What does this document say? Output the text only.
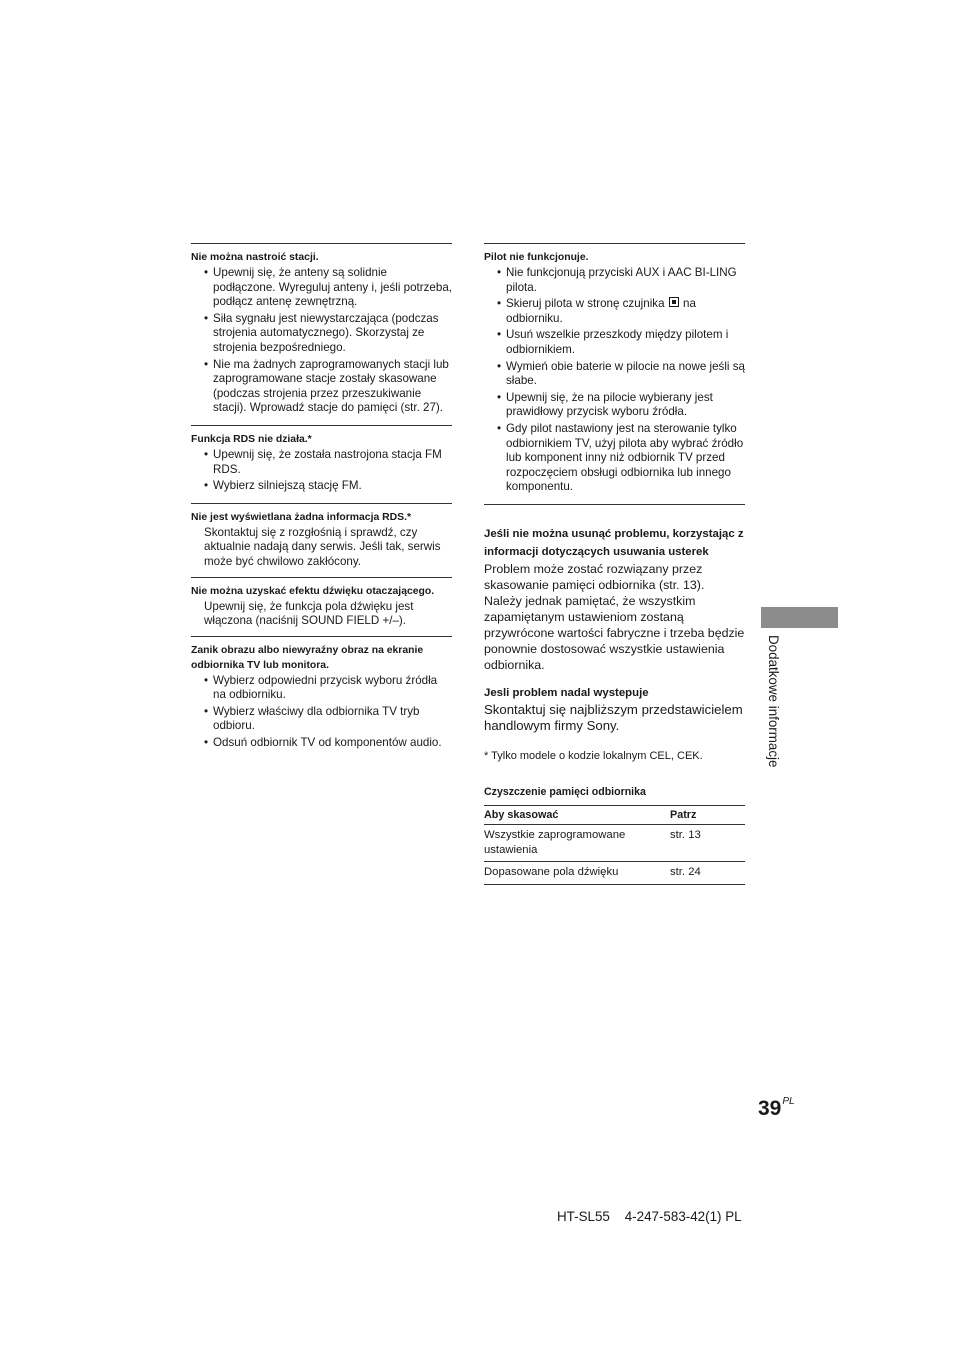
Nie można nastroić stacji.

• Upewnij się, że anteny są solidnie podłączone. Wyreguluj anteny i, jeśli potrzeba, podłącz antenę zewnętrzną.
• Siła sygnału jest niewystarczająca (podczas strojenia automatycznego). Skorzystaj ze strojenia bezpośredniego.
• Nie ma żadnych zaprogramowanych stacji lub zaprogramowane stacje zostały skasowane (podczas strojenia przez przeszukiwanie stacji). Wprowadź stacje do pamięci (str. 27).

Funkcja RDS nie działa.*

• Upewnij się, że została nastrojona stacja FM RDS.
• Wybierz silniejszą stację FM.

Nie jest wyświetlana żadna informacja RDS.*

Skontaktuj się z rozgłośnią i sprawdź, czy aktualnie nadają dany serwis. Jeśli tak, serwis może być chwilowo zakłócony.

Nie można uzyskać efektu dźwięku otaczającego.

Upewnij się, że funkcja pola dźwięku jest włączona (naciśnij SOUND FIELD +/–).

Zanik obrazu albo niewyraźny obraz na ekranie odbiornika TV lub monitora.

• Wybierz odpowiedni przycisk wyboru źródła na odbiorniku.
• Wybierz właściwy dla odbiornika TV tryb odbioru.
• Odsuń odbiornik TV od komponentów audio.

Pilot nie funkcjonuje.

• Nie funkcjonują przyciski AUX i AAC BI-LING pilota.
• Skieruj pilota w stronę czujnika na odbiorniku.
• Usuń wszelkie przeszkody między pilotem i odbiornikiem.
• Wymień obie baterie w pilocie na nowe jeśli są słabe.
• Upewnij się, że na pilocie wybierany jest prawidłowy przycisk wyboru źródła.
• Gdy pilot nastawiony jest na sterowanie tylko odbiornikiem TV, użyj pilota aby wybrać źródło lub komponent inny niż odbiornik TV przed rozpoczęciem obsługi odbiornika lub innego komponentu.

Jeśli nie można usunąć problemu, korzystając z informacji dotyczących usuwania usterek

Problem może zostać rozwiązany przez skasowanie pamięci odbiornika (str. 13). Należy jednak pamiętać, że wszystkim zapamiętanym ustawieniom zostaną przywrócone wartości fabryczne i trzeba będzie ponownie dostosować wszystkie ustawienia odbiornika.

Jesli problem nadal wystepuje

Skontaktuj się najbliższym przedstawicielem handlowym firmy Sony.

* Tylko modele o kodzie lokalnym CEL, CEK.

Czyszczenie pamięci odbiornika

Aby skasować	Patrz
Wszystkie zaprogramowane ustawienia	str. 13
Dopasowane pola dźwięku	str. 24
Dodatkowe informacje
$39^{PL}$
HT-SL55    4-247-583-42(1) PL
